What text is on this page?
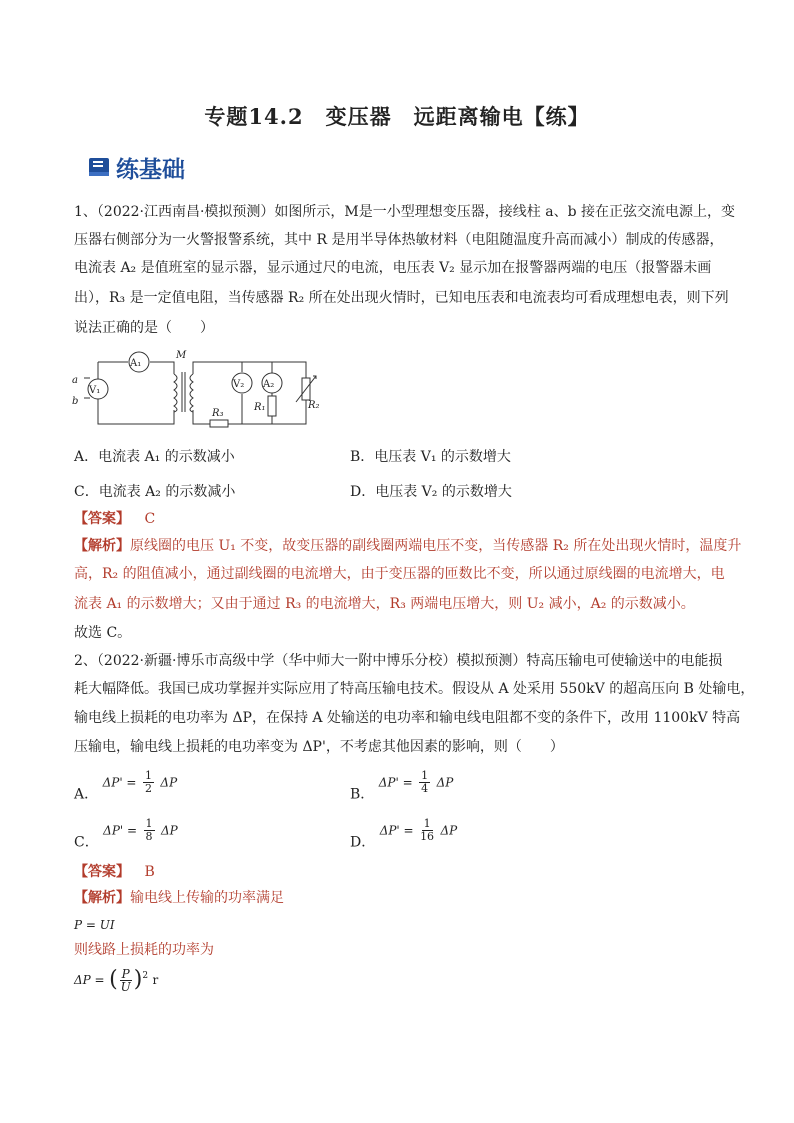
专题14.2　变压器　远距离输电【练】
练基础
1、（2022·江西南昌·模拟预测）如图所示，M是一小型理想变压器，接线柱 a、b 接在正弦交流电源上，变
压器右侧部分为一火警报警系统，其中 R 是用半导体热敏材料（电阻随温度升高而减小）制成的传感器，
电流表 A₂ 是值班室的显示器，显示通过尺的电流，电压表 V₂ 显示加在报警器两端的电压（报警器未画
出），R₃ 是一定值电阻，当传感器 R₂ 所在处出现火情时，已知电压表和电流表均可看成理想电表，则下列
说法正确的是（　　）
A₁
V₁
V₂ A₂
M
a
b
R₃
R₁	R₂
A．电流表 A₁ 的示数减小	B．电压表 V₁ 的示数增大
C．电流表 A₂ 的示数减小	D．电压表 V₂ 的示数增大
【答案】 C
【解析】原线圈的电压 U₁ 不变，故变压器的副线圈两端电压不变，当传感器 R₂ 所在处出现火情时，温度升
高，R₂ 的阻值减小，通过副线圈的电流增大，由于变压器的匝数比不变，所以通过原线圈的电流增大，电
流表 A₁ 的示数增大；又由于通过 R₃ 的电流增大，R₃ 两端电压增大，则 U₂ 减小，A₂ 的示数减小。
故选 C。
2、（2022·新疆·博乐市高级中学（华中师大一附中博乐分校）模拟预测）特高压输电可使输送中的电能损
耗大幅降低。我国已成功掌握并实际应用了特高压输电技术。假设从 A 处采用 550kV 的超高压向 B 处输电，
输电线上损耗的电功率为 ΔP，在保持 A 处输送的电功率和输电线电阻都不变的条件下，改用 1100kV 特高
压输电，输电线上损耗的电功率变为 ΔP'，不考虑其他因素的影响，则（　　）
A． $\Delta P' = \frac{1}{2}$ ΔP
B． $\Delta P' = \frac{1}{4}$ ΔP
C． $\Delta P' = \frac{1}{8}$ ΔP
D． $\Delta P' = \frac{1}{16}$ ΔP
【答案】 B
【解析】输电线上传输的功率满足
P = UI
则线路上损耗的功率为
ΔP = ( $\frac{P}{U} )^2$ r
